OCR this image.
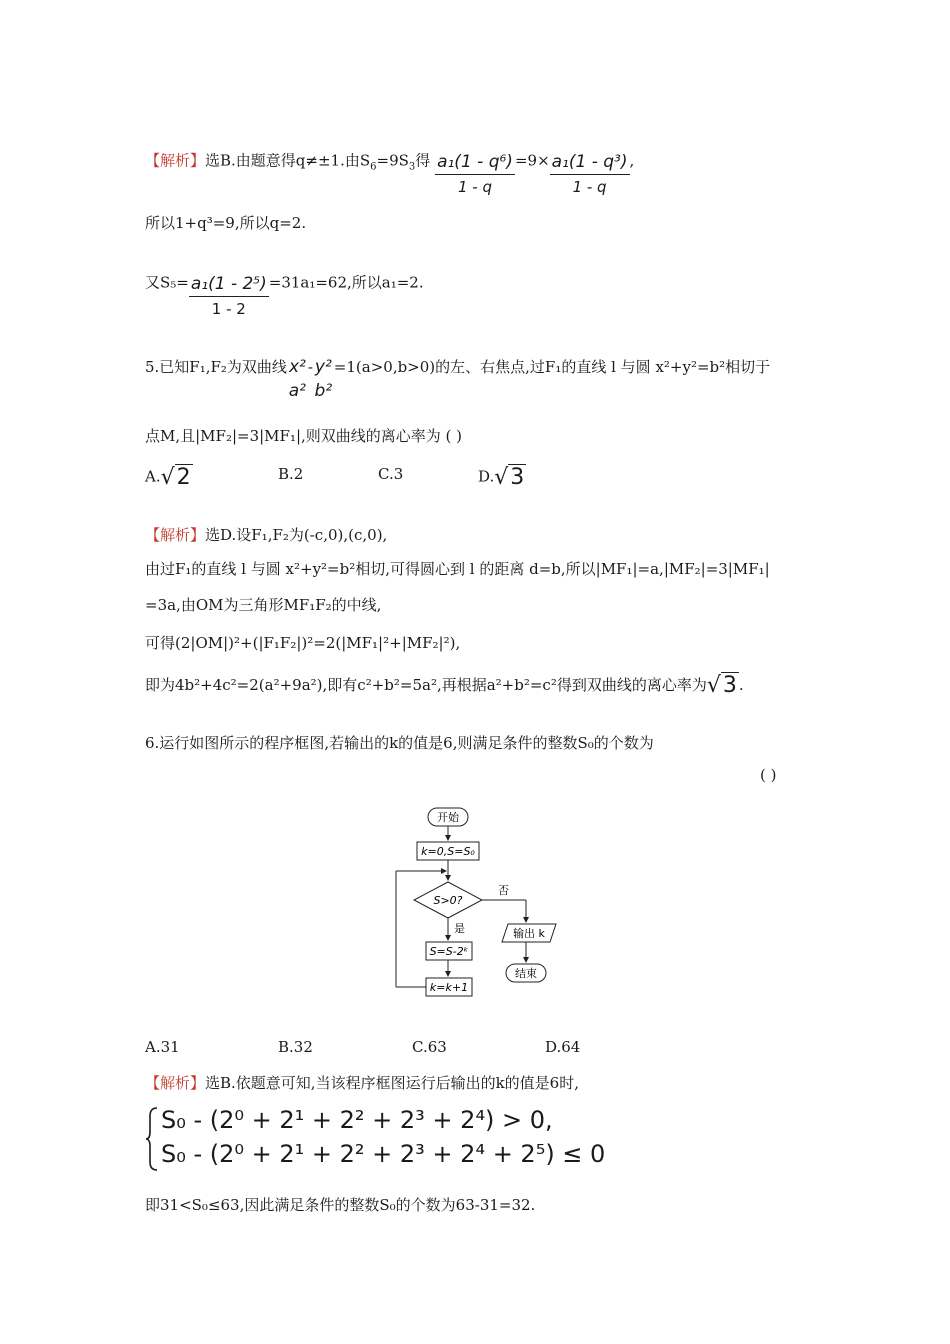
【解析】选B.由题意得q≠±1.由$S_6=9S_3$得 $\frac{\text{a₁(1 - q⁶)}}{1 - q} =9\times \frac{\text{a₁(1 - q³)}}{1 - q}$ ,
所以1+q³=9,所以q=2.
又$S_5= \frac{\text{a₁(1 - 2⁵)}}{1 - 2} =31a_1=62$,所以a₁=2.
5.已知F₁,F₂为双曲线 x²
a²
- y²
b²
=1(a>0,b>0)的左、右焦点,过F₁的直线 l 与圆 x²+y²=b²相切于
点M,且|MF₂|=3|MF₁|,则双曲线的离心率为 ( )
A.√2	B.2	C.3	D.√3
【解析】选D.设F₁,F₂为(-c,0),(c,0),
由过F₁的直线 l 与圆 x²+y²=b²相切,可得圆心到 l 的距离 d=b,所以|MF₁|=a,|MF₂|=3|MF₁|
=3a,由OM为三角形MF₁F₂的中线,
可得(2|OM|)²+(|F₁F₂|)²=2(|MF₁|²+|MF₂|²),
即为4b²+4c²=2(a²+9a²),即有c²+b²=5a²,再根据a²+b²=c²得到双曲线的离心率为√3 .
6.运行如图所示的程序框图,若输出的k的值是6,则满足条件的整数S₀的个数为
( )
开始
k=0,S=S₀
S>0?
否
输出 k
结束
是
S=S-2ᵏ
k=k+1
A.31	B.32	C.63	D.64
【解析】选B.依题意可知,当该程序框图运行后输出的k的值是6时,
S₀ - (2⁰ + 2¹ + 2² + 2³ + 2⁴) > 0,
S₀ - (2⁰ + 2¹ + 2² + 2³ + 2⁴ + 2⁵) ≤ 0
即31<S₀≤63,因此满足条件的整数S₀的个数为63-31=32.
